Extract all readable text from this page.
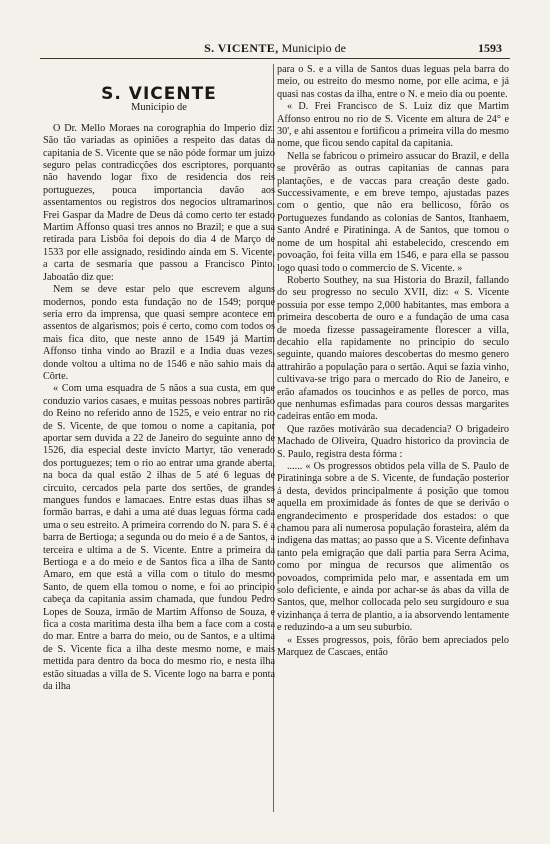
S. VICENTE, Municipio de	1593
S. VICENTE
Municipio de

O Dr. Mello Moraes na corographia do Imperio diz: São tão variadas as opiniões a respeito das datas da capitania de S. Vicente que se não póde formar um juizo seguro pelas contradicções dos escriptores, porquanto não havendo logar fixo de residencia dos reis portuguezes, pouca importancia davão aos assentamentos ou registros dos negocios ultramarinos. Frei Gaspar da Madre de Deus dá como certo ter estado Martim Affonso quasi tres annos no Brazil; e que a sua retirada para Lisbôa foi depois do dia 4 de Março de 1533 por elle assignado, residindo ainda em S. Vicente, a carta de sesmaria que passou a Francisco Pinto. Jaboatão diz que:

Nem se deve estar pelo que escrevem alguns modernos, pondo esta fundação no de 1549; porque seria erro da imprensa, que quasi sempre acontece em assentos de algarismos; pois é certo, como com todos os mais fica dito, que neste anno de 1549 já Martim Affonso tinha vindo ao Brazil e a India duas vezes, donde voltou a ultima no de 1546 e não sahio mais da Côrte.

« Com uma esquadra de 5 nãos a sua custa, em que conduzio varios casaes, e muitas pessoas nobres partirão do Reino no referido anno de 1525, e veio entrar no rio de S. Vicente, de que tomou o nome a capitania, por aportar sem duvida a 22 de Janeiro do seguinte anno de 1526, dia especial deste invicto Martyr, tão venerado dos portuguezes; tem o rio ao entrar uma grande aberta, na boca da qual estão 2 ilhas de 5 até 6 leguas de circuito, cercados pela parte dos sertões, de grandes mangues fundos e lamacaes. Entre estas duas ilhas se formão barras, e dahi a uma até duas leguas fórma cada uma o seu estreito. A primeira correndo do N. para S. é a barra de Bertioga; a segunda ou do meio é a de Santos, a terceira e ultima a de S. Vicente. Entre a primeira da Bertioga e a do meio e de Santos fica a ilha de Santo Amaro, em que está a villa com o titulo do mesmo Santo, de quem ella tomou o nome, e foi ao principio cabeça da capitania assim chamada, que fundou Pedro Lopes de Souza, irmão de Martim Affonso de Souza, e fica a costa maritima desta ilha bem a face com a costa do mar. Entre a barra do meio, ou de Santos, e a ultima de S. Vicente fica a ilha deste mesmo nome, e mais mettida para dentro da boca do mesmo rio, e nesta ilha estão situadas a villa de S. Vicente logo na barra e ponta da ilha

para o S. e a villa de Santos duas leguas pela barra do meio, ou estreito do mesmo nome, por elle acima, e já quasi nas costas da ilha, entre o N. e meio dia ou poente.

« D. Frei Francisco de S. Luiz diz que Martim Affonso entrou no rio de S. Vicente em altura de 24° e 30', e ahi assentou e fortificou a primeira villa do mesmo nome, que ficou sendo capital da capitania.

Nella se fabricou o primeiro assucar do Brazil, e della se provêrão as outras capitanias de cannas para plantações, e de vaccas para creação deste gado. Successivamente, e em breve tempo, ajustadas pazes com o gentio, que não era bellicoso, fôrão os Portuguezes fundando as colonias de Santos, Itanhaem, Santo André e Piratininga. A de Santos, que tomou o nome de um hospital ahi estabelecido, crescendo em povoação, foi feita villa em 1546, e para ella se passou logo quasi todo o commercio de S. Vicente. »

Roberto Southey, na sua Historia do Brazil, fallando do seu progresso no seculo XVII, diz: « S. Vicente possuia por esse tempo 2,000 habitantes, mas embora a primeira descoberta de ouro e a fundação de uma casa de moeda fizesse passageiramente florescer a villa, decahio ella rapidamente no principio do seculo seguinte, quando maiores descobertas do mesmo genero attrahirão a população para o sertão. Aqui se fazia vinho, cultivava-se trigo para o mercado do Rio de Janeiro, e erão afamados os toucinhos e as pelles de porco, mas que nenhumas esfimadas para couros dessas margarites cadeiras então em moda.

Que razões motivárão sua decadencia? O brigadeiro Machado de Oliveira, Quadro historico da provincia de S. Paulo, registra desta fórma :

...... « Os progressos obtidos pela villa de S. Paulo de Piratininga sobre a de S. Vicente, de fundação posterior á desta, devidos principalmente á posição que tomou aquella em proximidade ás fontes de que se derivão o engrandecimento e prosperidade dos estados: o que chamou para ali numerosa população forasteira, além da indigena das mattas; ao passo que a S. Vicente definhava tanto pela emigração que dali partia para Serra Acima, como por mingua de recursos que alimentão os povoados, comprimida pelo mar, e assentada em um solo deficiente, e ainda por achar-se ás abas da villa de Santos, que, melhor collocada pelo seu surgidouro e sua vizinhança á terra de plantio, a ia absorvendo lentamente e reduzindo-a a um seu suburbio.

« Esses progressos, pois, fôrão bem apreciados pelo Marquez de Cascaes, então
